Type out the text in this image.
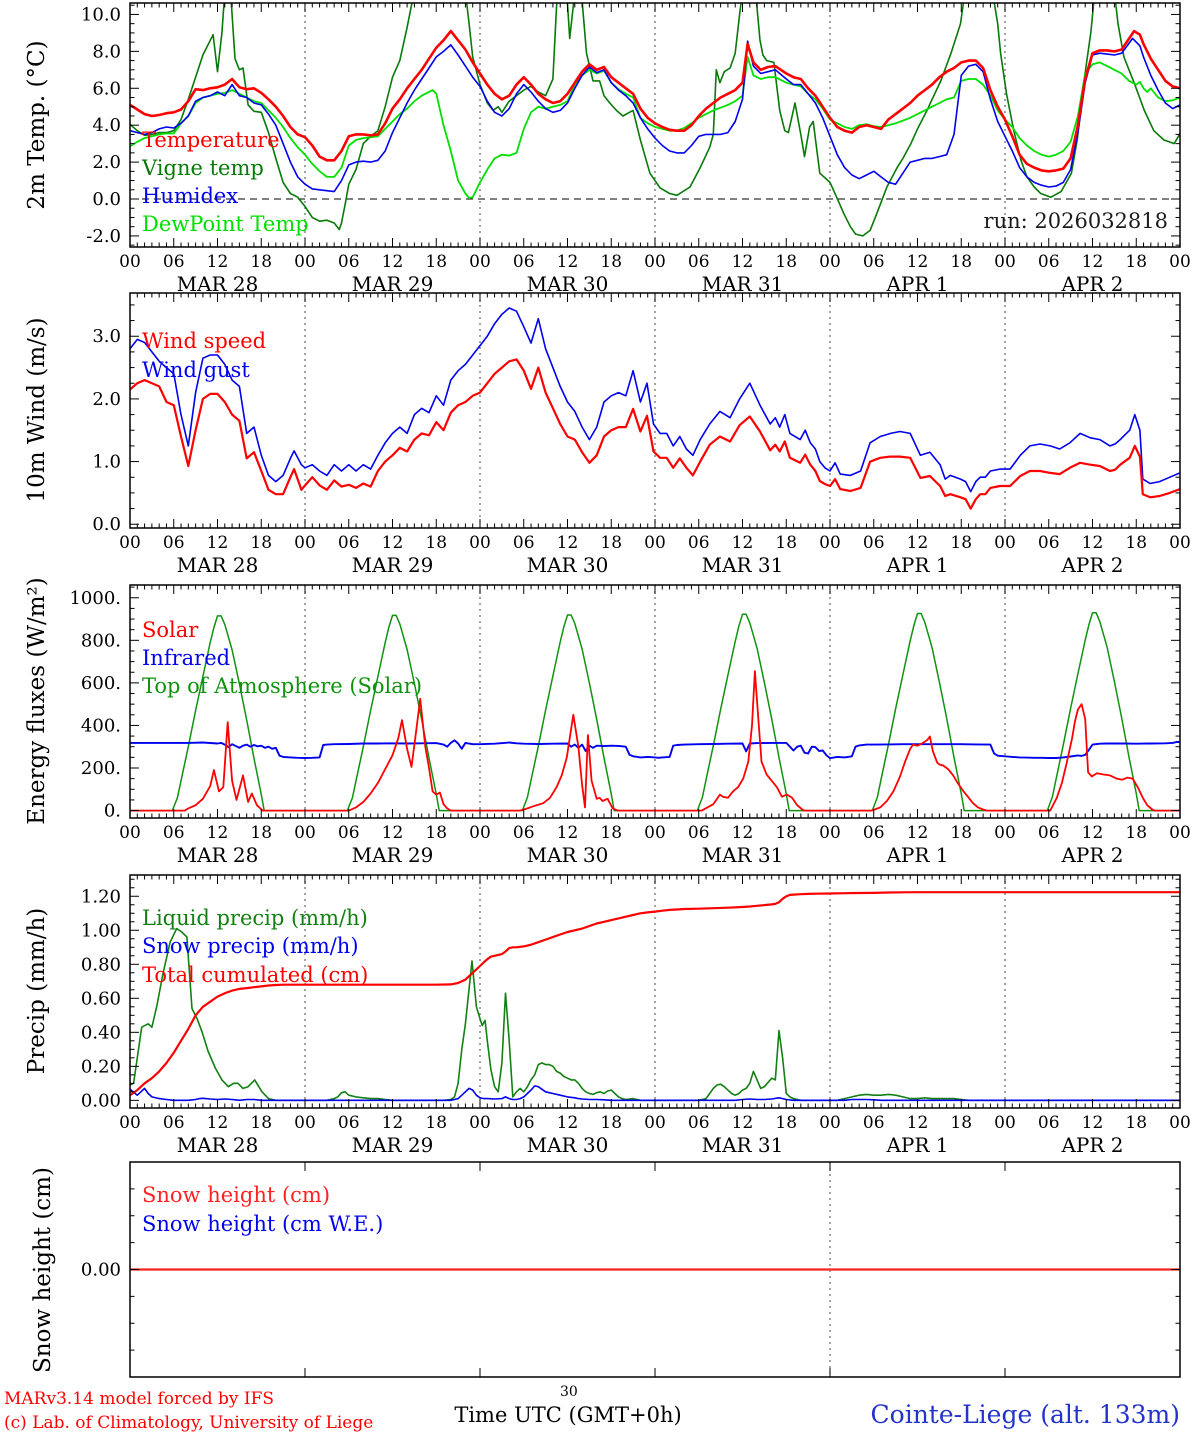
10.0
8.0
6.0
4.0
2.0
0.0
-2.0
00 06 12 18 00 06 12 18 00 06 12 18 00 06 12 18 00 06 12 18 00 06 12 18 00
MAR 28	MAR 29	MAR 30	MAR 31	APR 1	APR 2
Temperature
Vigne temp
Humidex
DewPoint Temp
3.0
2.0
1.0
0.0
00 06 12 18 00 06 12 18 00 06 12 18 00 06 12 18 00 06 12 18 00 06 12 18 00
MAR 28	MAR 29	MAR 30	MAR 31	APR 1	APR 2
Wind speed
Wind gust
1000.
800.
600.
400.
200.
0.
00 06 12 18 00 06 12 18 00 06 12 18 00 06 12 18 00 06 12 18 00 06 12 18 00
MAR 28	MAR 29	MAR 30	MAR 31	APR 1	APR 2
Solar
Infrared
Top of Atmosphere (Solar)
1.20
1.00
0.80
0.60
0.40
0.20
0.00
00 06 12 18 00 06 12 18 00 06 12 18 00 06 12 18 00 06 12 18 00 06 12 18 00
MAR 28	MAR 29	MAR 30	MAR 31	APR 1	APR 2
Liquid precip (mm/h)
Snow precip (mm/h)
Total cumulated (cm)
0.00
Snow height (cm)
Snow height (cm W.E.)
2m Temp. (°C)
10m Wind (m/s)
Energy fluxes (W/m²)
Precip (mm/h)
Snow height (cm)
run: 2026032818
MARv3.14 model forced by IFS
(c) Lab. of Climatology, University of Liege
30
Time UTC (GMT+0h)	Cointe-Liege (alt. 133m)
